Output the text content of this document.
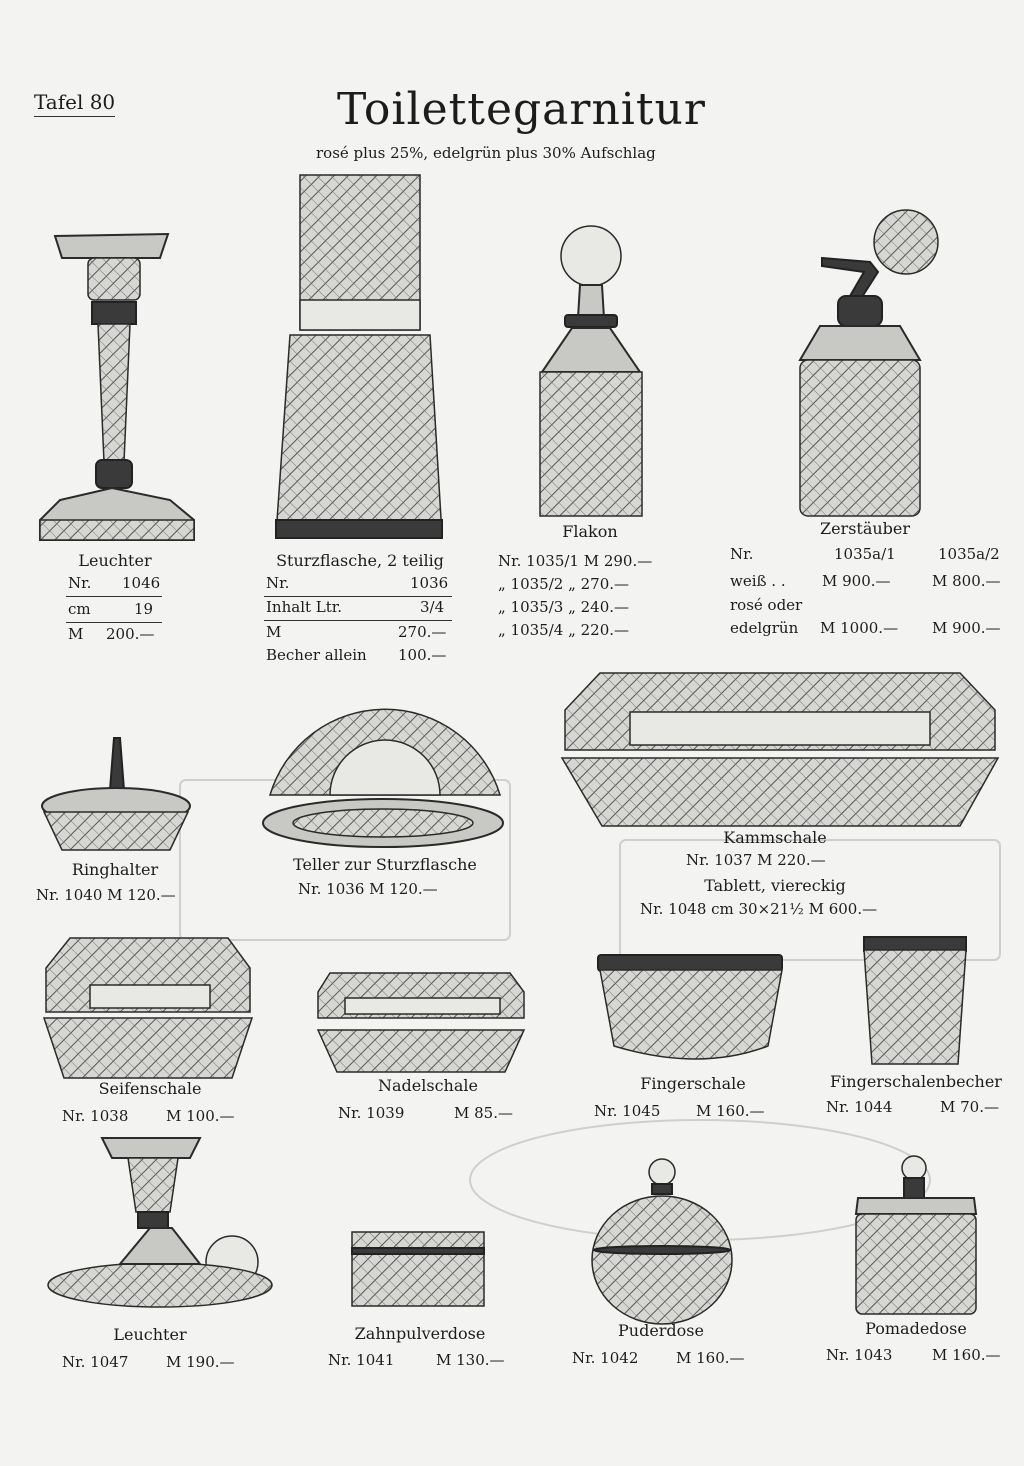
Tafel 80	Toilettegarnitur
rosé plus 25%, edelgrün plus 30% Aufschlag
Leuchter
Nr. 1046
cm	19
M 200.—
Sturzflasche, 2 teilig
Nr.	1036
Inhalt Ltr.	3/4
M	270.—
Becher allein 100.—
Flakon
Nr. 1035/1 M 290.—
„ 1035/2 „ 270.—
„ 1035/3 „ 240.—
„ 1035/4 „ 220.—
Zerstäuber
Nr.	1035a/1	1035a/2
weiß . . M 900.—	M 800.—
rosé oder
edelgrün M 1000.— M 900.—
Ringhalter
Nr. 1040 M 120.—
Teller zur Sturzflasche
Nr. 1036 M 120.—
Kammschale
Nr. 1037 M 220.—
Tablett, viereckig
Nr. 1048 cm 30×21½ M 600.—
Seifenschale
Nr. 1038	M 100.—
Nadelschale
Nr. 1039	M 85.—
Fingerschale
Nr. 1045 M 160.—
Fingerschalenbecher
Nr. 1044	M 70.—
Leuchter
Nr. 1047	M 190.—
Zahnpulverdose
Nr. 1041	M 130.—
Puderdose
Nr. 1042	M 160.—
Pomadedose
Nr. 1043	M 160.—
